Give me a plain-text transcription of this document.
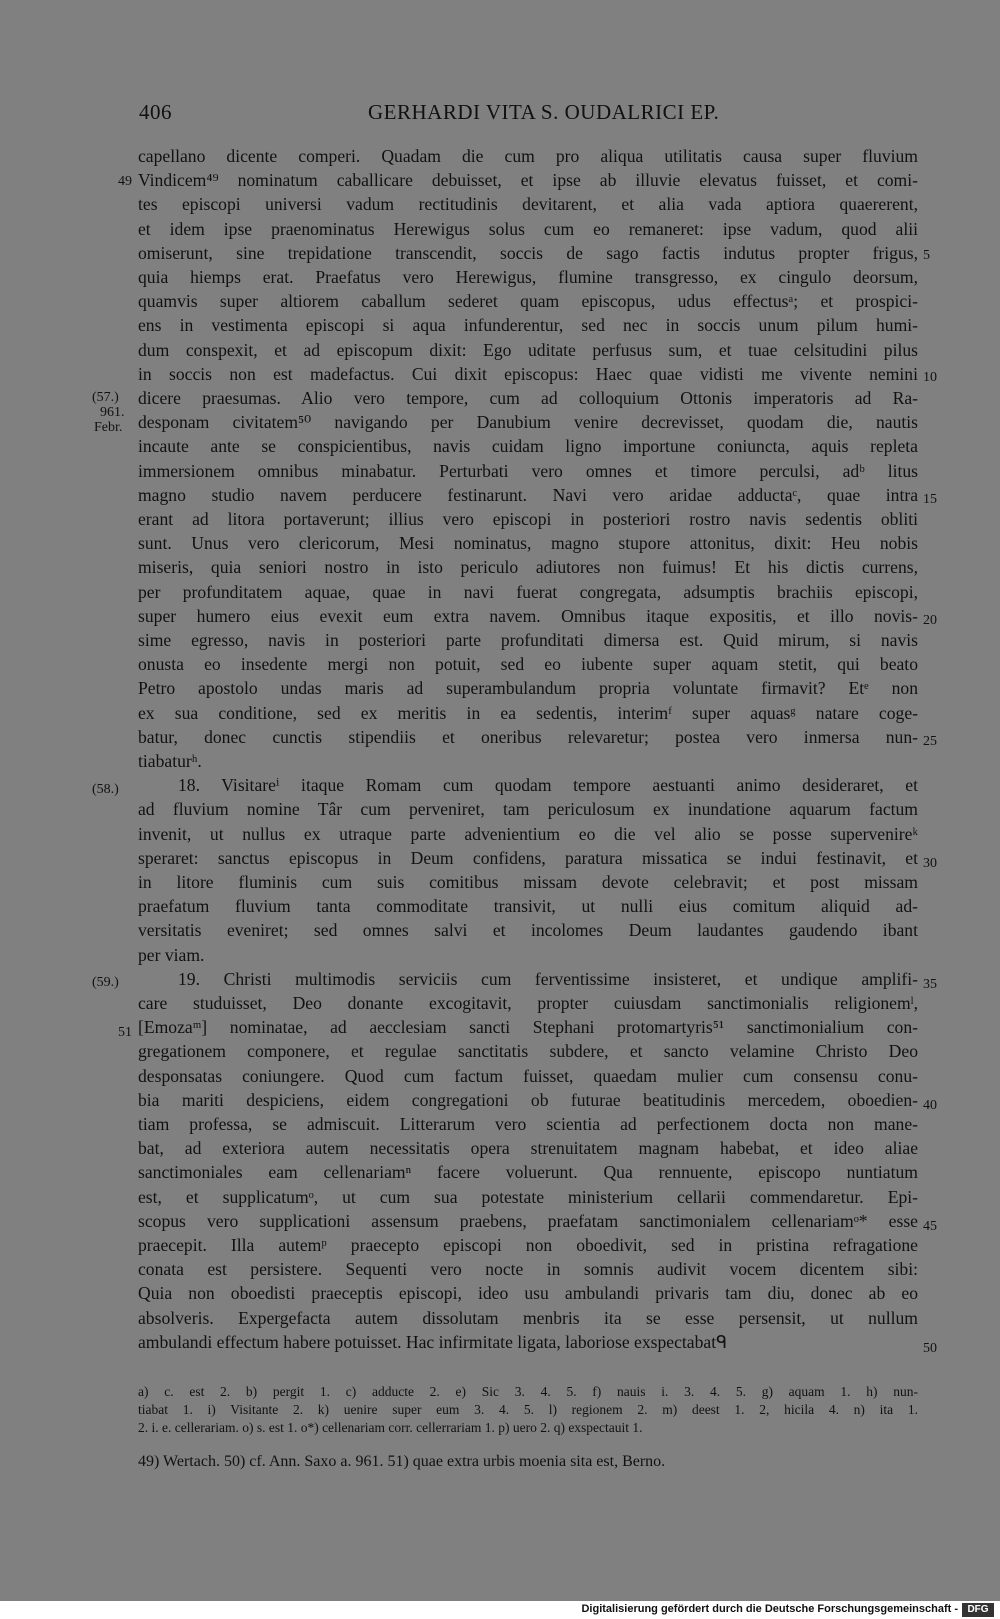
406	GERHARDI VITA S. OUDALRICI EP.
49
(57.)
961.
Febr.
(58.)
(59.)
51
5
10
15
20
25
30
35
40
45
50
a) c. est 2. b) pergit 1. c) adducte 2. e) Sic 3. 4. 5. f) nauis i. 3. 4. 5. g) aquam 1. h) nun-
tiabat 1. i) Visitante 2. k) uenire super eum 3. 4. 5. l) regionem 2. m) deest 1. 2, hicila 4. n) ita 1.
2. i. e. cellerariam. o) s. est 1. o*) cellenariam corr. cellerrariam 1. p) uero 2. q) exspectauit 1.
49) Wertach. 50) cf. Ann. Saxo a. 961. 51) quae extra urbis moenia sita est, Berno.
capellano dicente comperi. Quadam die cum pro aliqua utilitatis causa super fluvium
Vindicem⁴⁹ nominatum caballicare debuisset, et ipse ab illuvie elevatus fuisset, et comi-
tes episcopi universi vadum rectitudinis devitarent, et alia vada aptiora quaererent,
et idem ipse praenominatus Herewigus solus cum eo remaneret: ipse vadum, quod alii
omiserunt, sine trepidatione transcendit, soccis de sago factis indutus propter frigus,
quia hiemps erat. Praefatus vero Herewigus, flumine transgresso, ex cingulo deorsum,
quamvis super altiorem caballum sederet quam episcopus, udus effectusᵃ; et prospici-
ens in vestimenta episcopi si aqua infunderentur, sed nec in soccis unum pilum humi-
dum conspexit, et ad episcopum dixit: Ego uditate perfusus sum, et tuae celsitudini pilus
in soccis non est madefactus. Cui dixit episcopus: Haec quae vidisti me vivente nemini
dicere praesumas. Alio vero tempore, cum ad colloquium Ottonis imperatoris ad Ra-
desponam civitatem⁵⁰ navigando per Danubium venire decrevisset, quodam die, nautis
incaute ante se conspicientibus, navis cuidam ligno importune coniuncta, aquis repleta
immersionem omnibus minabatur. Perturbati vero omnes et timore perculsi, adᵇ litus
magno studio navem perducere festinarunt. Navi vero aridae adductaᶜ, quae intra
erant ad litora portaverunt; illius vero episcopi in posteriori rostro navis sedentis obliti
sunt. Unus vero clericorum, Mesi nominatus, magno stupore attonitus, dixit: Heu nobis
miseris, quia seniori nostro in isto periculo adiutores non fuimus! Et his dictis currens,
per profunditatem aquae, quae in navi fuerat congregata, adsumptis brachiis episcopi,
super humero eius evexit eum extra navem. Omnibus itaque expositis, et illo novis-
sime egresso, navis in posteriori parte profunditati dimersa est. Quid mirum, si navis
onusta eo insedente mergi non potuit, sed eo iubente super aquam stetit, qui beato
Petro apostolo undas maris ad superambulandum propria voluntate firmavit? Etᵉ non
ex sua conditione, sed ex meritis in ea sedentis, interimᶠ super aquasᵍ natare coge-
batur, donec cunctis stipendiis et oneribus relevaretur; postea vero inmersa nun-
tiabaturʰ.
18. Visitareⁱ itaque Romam cum quodam tempore aestuanti animo desideraret, et
ad fluvium nomine Târ cum perveniret, tam periculosum ex inundatione aquarum factum
invenit, ut nullus ex utraque parte advenientium eo die vel alio se posse supervenireᵏ
speraret: sanctus episcopus in Deum confidens, paratura missatica se indui festinavit, et
in litore fluminis cum suis comitibus missam devote celebravit; et post missam
praefatum fluvium tanta commoditate transivit, ut nulli eius comitum aliquid ad-
versitatis eveniret; sed omnes salvi et incolomes Deum laudantes gaudendo ibant
per viam.
19. Christi multimodis serviciis cum ferventissime insisteret, et undique amplifi-
care studuisset, Deo donante excogitavit, propter cuiusdam sanctimonialis religionemˡ,
[Emozaᵐ] nominatae, ad aecclesiam sancti Stephani protomartyris⁵¹ sanctimonialium con-
gregationem componere, et regulae sanctitatis subdere, et sancto velamine Christo Deo
desponsatas coniungere. Quod cum factum fuisset, quaedam mulier cum consensu conu-
bia mariti despiciens, eidem congregationi ob futurae beatitudinis mercedem, oboedien-
tiam professa, se admiscuit. Litterarum vero scientia ad perfectionem docta non mane-
bat, ad exteriora autem necessitatis opera strenuitatem magnam habebat, et ideo aliae
sanctimoniales eam cellenariamⁿ facere voluerunt. Qua rennuente, episcopo nuntiatum
est, et supplicatumᵒ, ut cum sua potestate ministerium cellarii commendaretur. Epi-
scopus vero supplicationi assensum praebens, praefatam sanctimonialem cellenariamᵒ* esse
praecepit. Illa autemᵖ praecepto episcopi non oboedivit, sed in pristina refragatione
conata est persistere. Sequenti vero nocte in somnis audivit vocem dicentem sibi:
Quia non oboedisti praeceptis episcopi, ideo usu ambulandi privaris tam diu, donec ab eo
absolveris. Expergefacta autem dissolutam menbris ita se esse persensit, ut nullum
ambulandi effectum habere potuisset. Hac infirmitate ligata, laboriose exspectabatᑫ
Digitalisierung gefördert durch die Deutsche Forschungsgemeinschaft - DFG
